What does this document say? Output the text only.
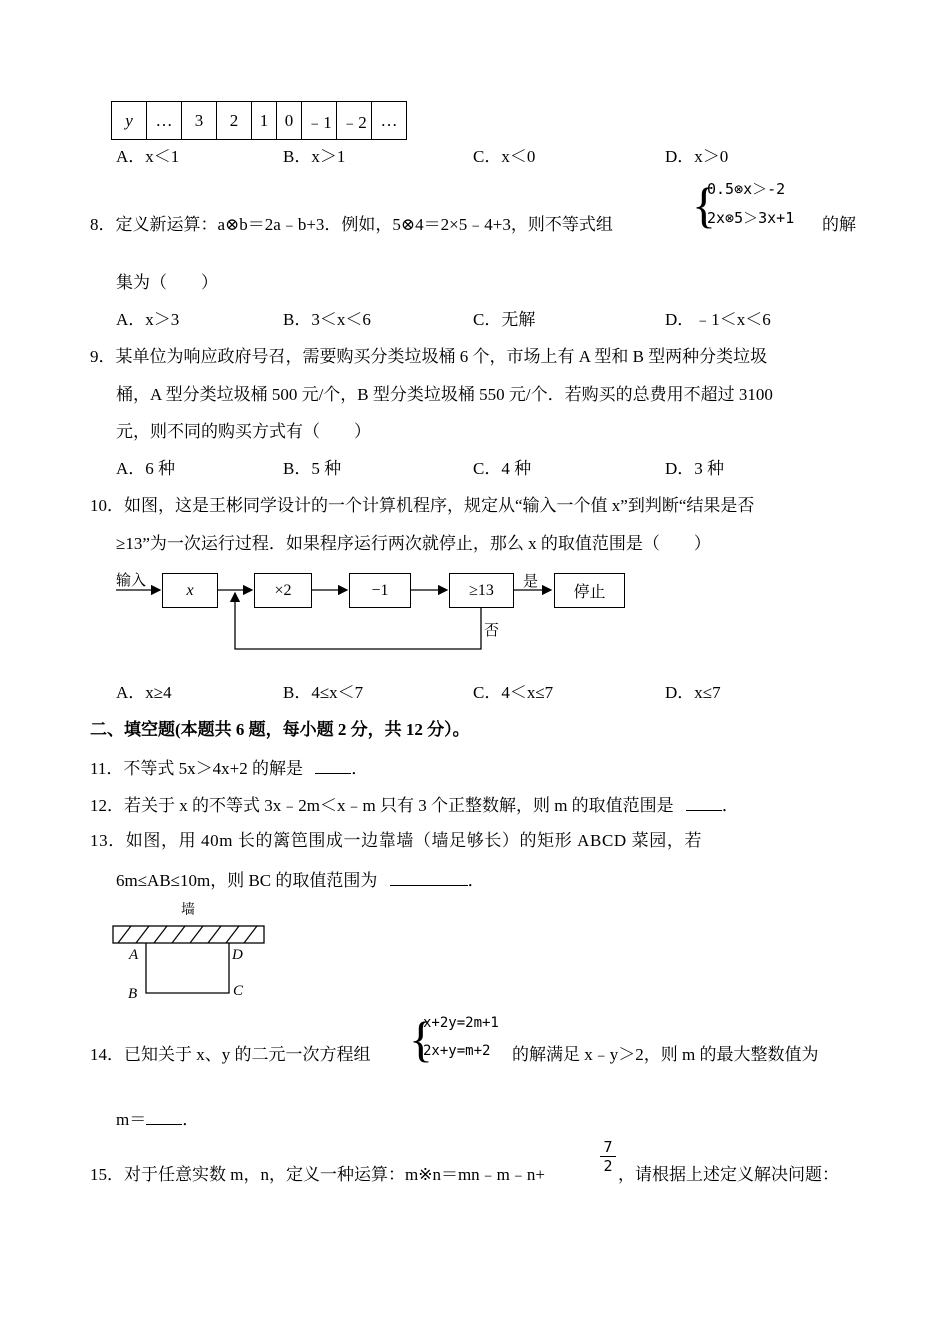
y	…	3	2	1	0	﹣1	﹣2	…
A．x＜1	B．x＞1	C．x＜0	D．x＞0
8．定义新运算：a⊗b＝2a﹣b+3．例如，5⊗4＝2×5﹣4+3，则不等式组 {
0.5⊗x＞-2
2x⊗5＞3x+1 的解
集为（　　）
A．x＞3	B．3＜x＜6	C．无解	D．﹣1＜x＜6
9．某单位为响应政府号召，需要购买分类垃圾桶 6 个，市场上有 A 型和 B 型两种分类垃圾
桶，A 型分类垃圾桶 500 元/个，B 型分类垃圾桶 550 元/个．若购买的总费用不超过 3100
元，则不同的购买方式有（　　）
A．6 种	B．5 种	C．4 种	D．3 种
10．如图，这是王彬同学设计的一个计算机程序，规定从“输入一个值 x”到判断“结果是否
≥13”为一次运行过程．如果程序运行两次就停止，那么 x 的取值范围是（　　）
输入
x	×2	−1	≥13	是
停止
否
A．x≥4	B．4≤x＜7	C．4＜x≤7	D．x≤7
二、填空题(本题共 6 题，每小题 2 分，共 12 分）。
11．不等式 5x＞4x+2 的解是	．
12．若关于 x 的不等式 3x﹣2m＜x﹣m 只有 3 个正整数解，则 m 的取值范围是	．
13．如图，用 40m 长的篱笆围成一边靠墙（墙足够长）的矩形 ABCD 菜园，若
6m≤AB≤10m，则 BC 的取值范围为	．
墙
A	D
B	C
14．已知关于 x、y 的二元一次方程组 {
x+2y=2m+1
2x+y=m+2 的解满足 x﹣y＞2，则 m 的最大整数值为
m＝ ．
15．对于任意实数 m，n，定义一种运算：m※n＝mn﹣m﹣n+
7
2 ，请根据上述定义解决问题：
